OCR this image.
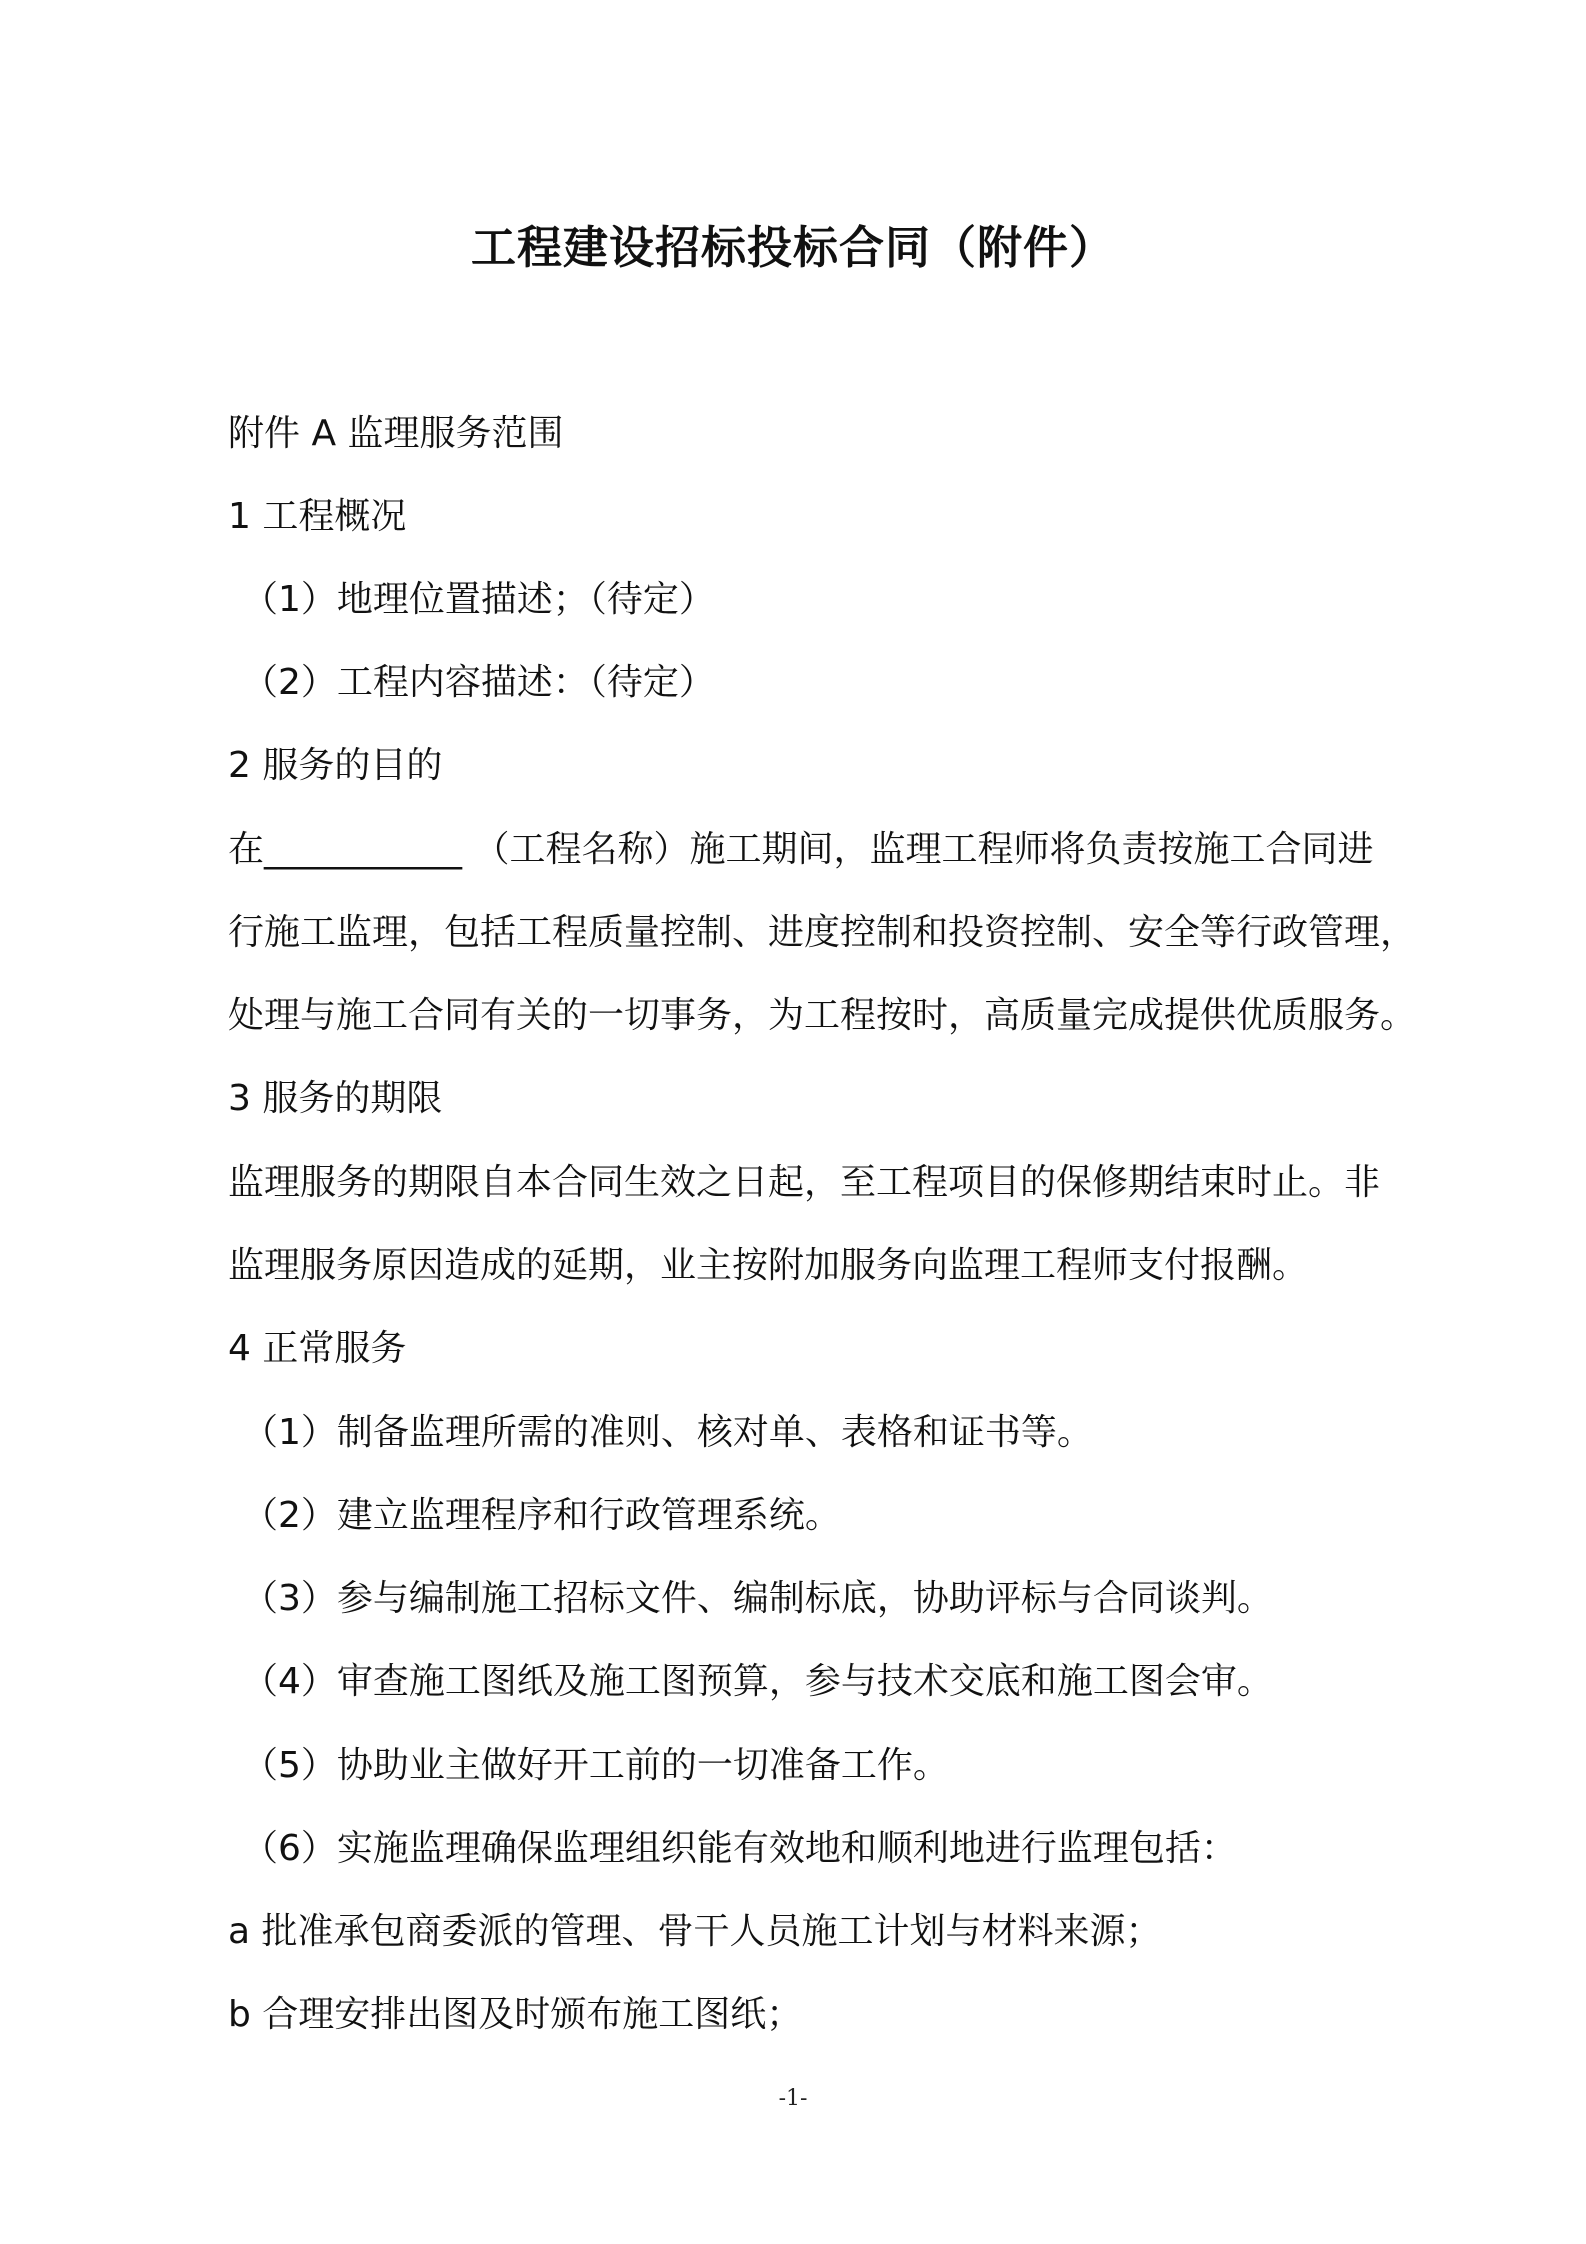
工程建设招标投标合同（附件）
附件 A 监理服务范围
1 工程概况
（1）地理位置描述；（待定）
（2）工程内容描述：（待定）
2 服务的目的
在___________ （工程名称）施工期间，监理工程师将负责按施工合同进
行施工监理，包括工程质量控制、进度控制和投资控制、安全等行政管理，
处理与施工合同有关的一切事务，为工程按时，高质量完成提供优质服务。
3 服务的期限
监理服务的期限自本合同生效之日起，至工程项目的保修期结束时止。非
监理服务原因造成的延期，业主按附加服务向监理工程师支付报酬。
4 正常服务
（1）制备监理所需的准则、核对单、表格和证书等。
（2）建立监理程序和行政管理系统。
（3）参与编制施工招标文件、编制标底，协助评标与合同谈判。
（4）审查施工图纸及施工图预算，参与技术交底和施工图会审。
（5）协助业主做好开工前的一切准备工作。
（6）实施监理确保监理组织能有效地和顺利地进行监理包括：
a 批准承包商委派的管理、骨干人员施工计划与材料来源；
b 合理安排出图及时颁布施工图纸；
-1-
